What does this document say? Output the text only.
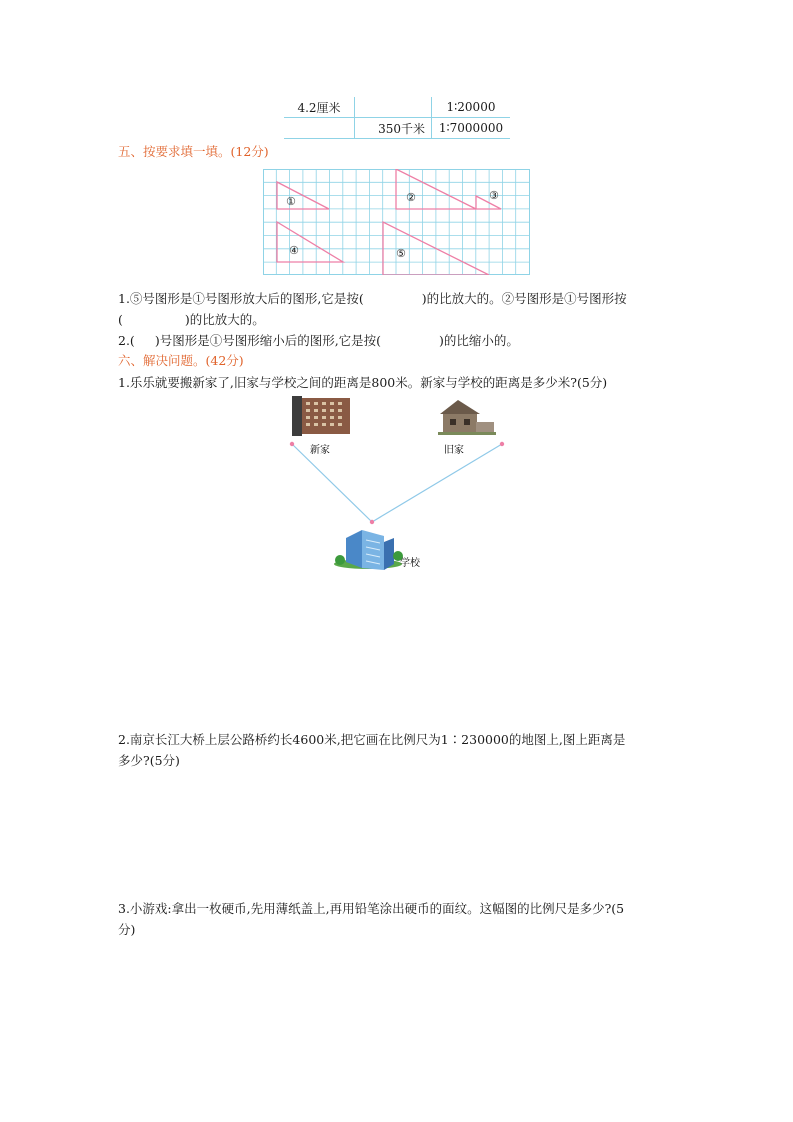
4.2厘米		1∶20000
	350千米	1∶7000000
五、按要求填一填。(12分)
①	②	③
④	⑤
1.⑤号图形是①号图形放大后的图形,它是按(	)的比放大的。②号图形是①号图形按
(	)的比放大的。
2.( )号图形是①号图形缩小后的图形,它是按(	)的比缩小的。
六、解决问题。(42分)
1.乐乐就要搬新家了,旧家与学校之间的距离是800米。新家与学校的距离是多少米?(5分)
新家	旧家
学校
2.南京长江大桥上层公路桥约长4600米,把它画在比例尺为1∶230000的地图上,图上距离是
多少?(5分)
3.小游戏:拿出一枚硬币,先用薄纸盖上,再用铅笔涂出硬币的面纹。这幅图的比例尺是多少?(5
分)
